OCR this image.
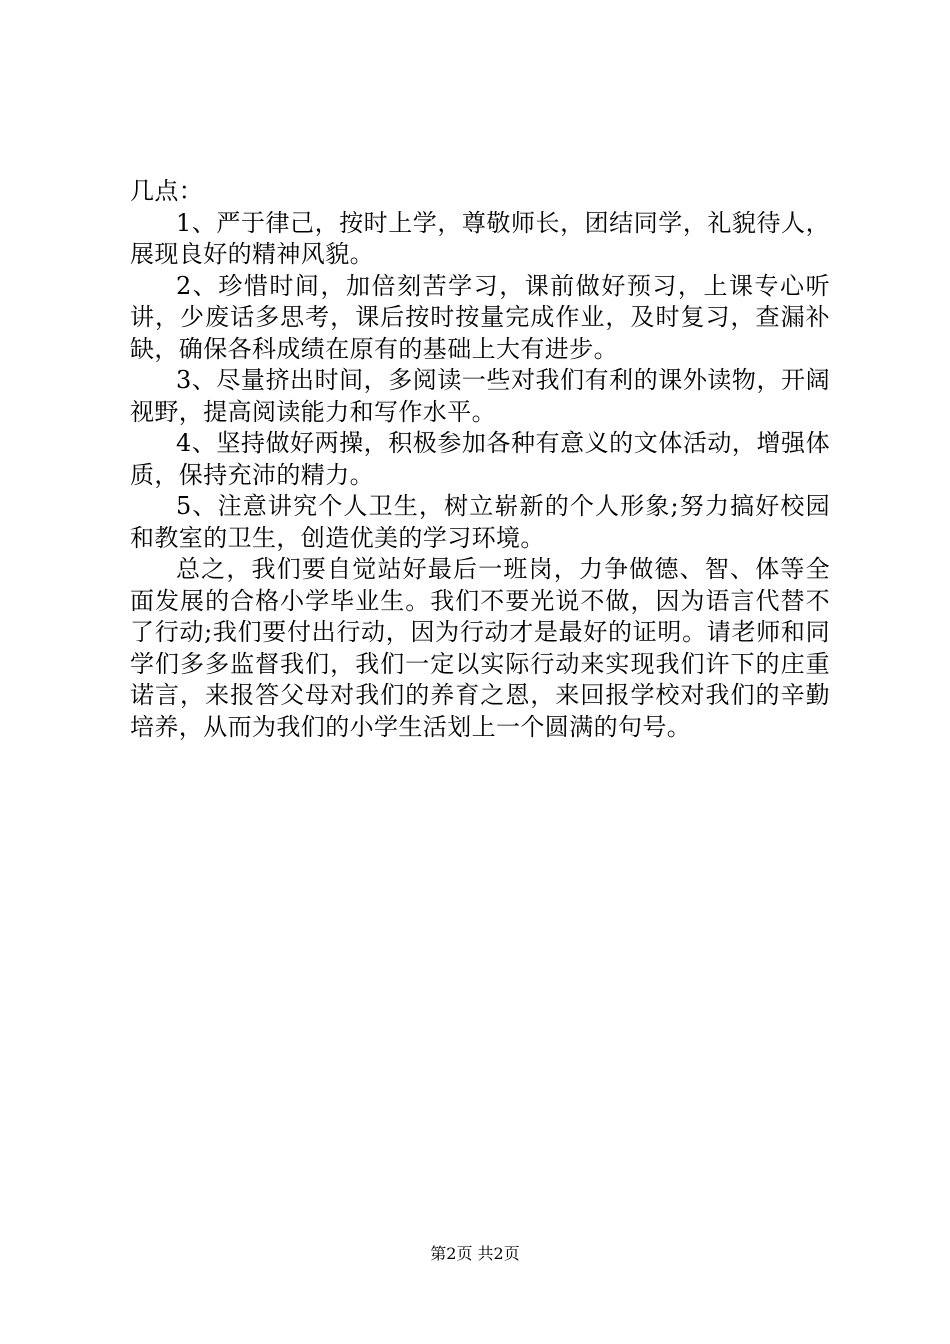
几点：

1、严于律己，按时上学，尊敬师长，团结同学，礼貌待人，展现良好的精神风貌。

2、珍惜时间，加倍刻苦学习，课前做好预习，上课专心听讲，少废话多思考，课后按时按量完成作业，及时复习，查漏补缺，确保各科成绩在原有的基础上大有进步。

3、尽量挤出时间，多阅读一些对我们有利的课外读物，开阔视野，提高阅读能力和写作水平。

4、坚持做好两操，积极参加各种有意义的文体活动，增强体质，保持充沛的精力。

5、注意讲究个人卫生，树立崭新的个人形象;努力搞好校园和教室的卫生，创造优美的学习环境。

总之，我们要自觉站好最后一班岗，力争做德、智、体等全面发展的合格小学毕业生。我们不要光说不做，因为语言代替不了行动;我们要付出行动，因为行动才是最好的证明。请老师和同学们多多监督我们，我们一定以实际行动来实现我们许下的庄重诺言，来报答父母对我们的养育之恩，来回报学校对我们的辛勤培养，从而为我们的小学生活划上一个圆满的句号。

第2页 共2页
